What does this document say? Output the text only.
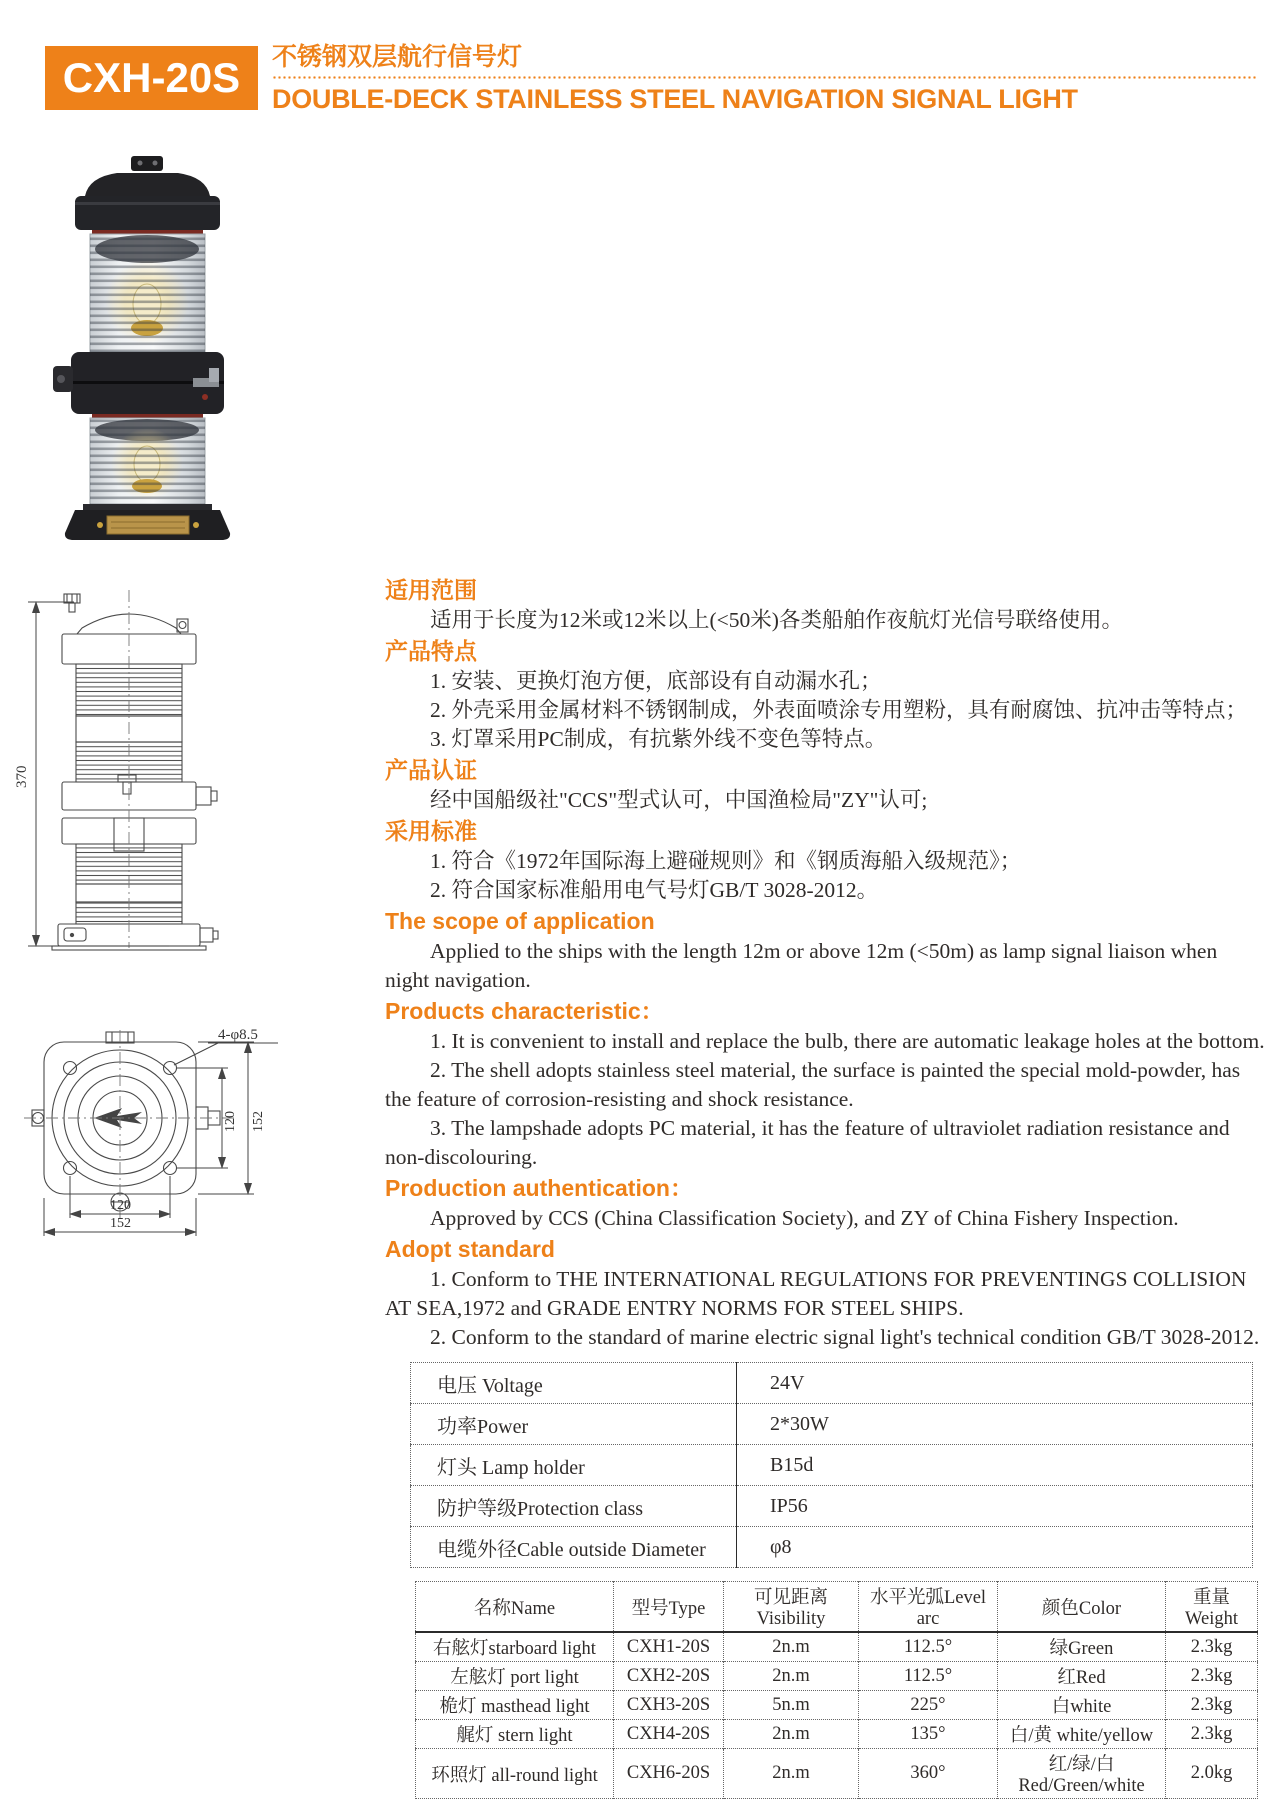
CXH-20S	不锈钢双层航行信号灯
DOUBLE-DECK STAINLESS STEEL NAVIGATION SIGNAL LIGHT
370
4-φ8.5
120 152
120
152
适用范围
适用于长度为12米或12米以上(<50米)各类船舶作夜航灯光信号联络使用。
产品特点
1. 安装、更换灯泡方便，底部设有自动漏水孔；
2. 外壳采用金属材料不锈钢制成，外表面喷涂专用塑粉，具有耐腐蚀、抗冲击等特点；
3. 灯罩采用PC制成，有抗紫外线不变色等特点。
产品认证
经中国船级社"CCS"型式认可，中国渔检局"ZY"认可;
采用标准
1. 符合《1972年国际海上避碰规则》和《钢质海船入级规范》；
2. 符合国家标准船用电气号灯GB/T 3028-2012。
The scope of application
Applied to the ships with the length 12m or above 12m (<50m) as lamp signal liaison when
night navigation.
Products characteristic：
1. It is convenient to install and replace the bulb, there are automatic leakage holes at the bottom.
2. The shell adopts stainless steel material, the surface is painted the special mold-powder, has
the feature of corrosion-resisting and shock resistance.
3. The lampshade adopts PC material, it has the feature of ultraviolet radiation resistance and
non-discolouring.
Production authentication：
Approved by CCS (China Classification Society), and ZY of China Fishery Inspection.
Adopt standard
1. Conform to THE INTERNATIONAL REGULATIONS FOR PREVENTINGS COLLISION
AT SEA,1972 and GRADE ENTRY NORMS FOR STEEL SHIPS.
2. Conform to the standard of marine electric signal light's technical condition GB/T 3028-2012.
电压 Voltage	24V
功率Power	2*30W
灯头 Lamp holder	B15d
防护等级Protection class	IP56
电缆外径Cable outside Diameter	φ8
名称Name	型号Type	可见距离Visibility	水平光弧Level arc	颜色Color	重量Weight
右舷灯starboard light	CXH1-20S	2n.m	112.5°	绿Green	2.3kg
左舷灯 port light	CXH2-20S	2n.m	112.5°	红Red	2.3kg
桅灯 masthead light	CXH3-20S	5n.m	225°	白white	2.3kg
艉灯 stern light	CXH4-20S	2n.m	135°	白/黄 white/yellow	2.3kg
环照灯 all-round light	CXH6-20S	2n.m	360°	红/绿/白 Red/Green/white	2.0kg
